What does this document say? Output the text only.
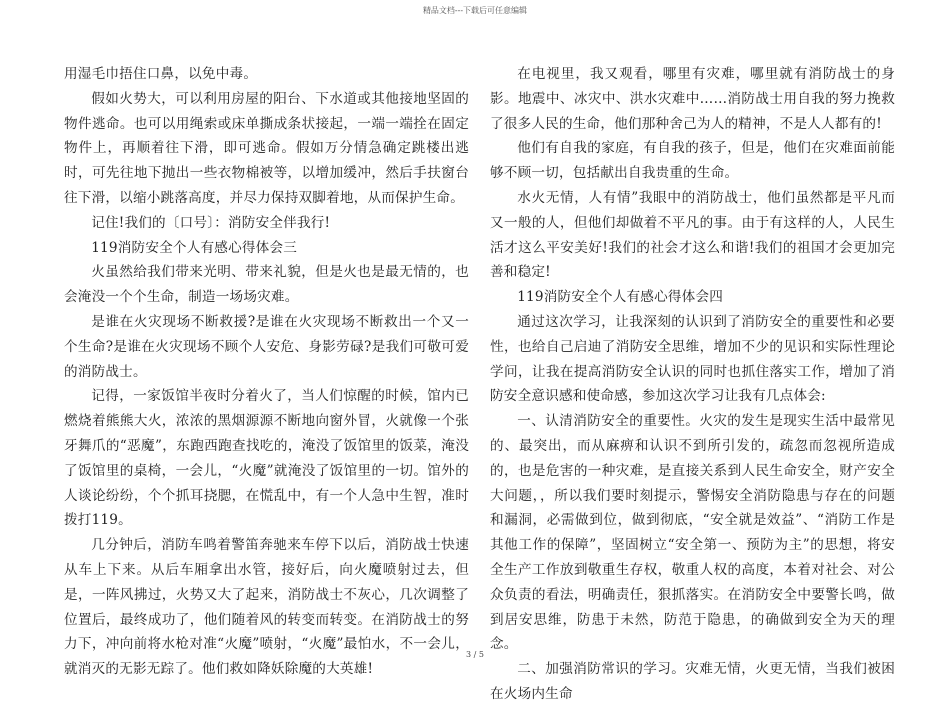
精品文档---下载后可任意编辑

用湿毛巾捂住口鼻，以免中毒。

假如火势大，可以利用房屋的阳台、下水道或其他接地坚固的物件逃命。也可以用绳索或床单撕成条状接起，一端一端拴在固定物件上，再顺着往下滑，即可逃命。假如万分情急确定跳楼出逃时，可先往地下抛出一些衣物棉被等，以增加缓冲，然后手扶窗台往下滑，以缩小跳落高度，并尽力保持双脚着地，从而保护生命。

记住!我们的〔口号〕：消防安全伴我行!

119消防安全个人有感心得体会三

火虽然给我们带来光明、带来礼貌，但是火也是最无情的，也会淹没一个个生命，制造一场场灾难。

是谁在火灾现场不断救援?是谁在火灾现场不断救出一个又一个生命?是谁在火灾现场不顾个人安危、身影劳碌?是我们可敬可爱的消防战士。

记得，一家饭馆半夜时分着火了，当人们惊醒的时候，馆内已燃烧着熊熊大火，浓浓的黑烟源源不断地向窗外冒，火就像一个张牙舞爪的“恶魔”，东跑西跑查找吃的，淹没了饭馆里的饭菜，淹没了饭馆里的桌椅，一会儿，“火魔”就淹没了饭馆里的一切。馆外的人谈论纷纷，个个抓耳挠腮，在慌乱中，有一个人急中生智，准时拨打119。

几分钟后，消防车鸣着警笛奔驰来车停下以后，消防战士快速从车上下来。从后车厢拿出水管，接好后，向火魔喷射过去，但是，一阵风拂过，火势又大了起来，消防战士不灰心，几次调整了位置后，最终成功了，他们随着风的转变而转变。在消防战士的努力下，冲向前将水枪对准“火魔”喷射，“火魔”最怕水，不一会儿，就消灭的无影无踪了。他们救如降妖除魔的大英雄!

在电视里，我又观看，哪里有灾难，哪里就有消防战士的身影。地震中、冰灾中、洪水灾难中……消防战士用自我的努力挽救了很多人民的生命，他们那种舍己为人的精神，不是人人都有的!

他们有自我的家庭，有自我的孩子，但是，他们在灾难面前能够不顾一切，包括献出自我贵重的生命。

水火无情，人有情”我眼中的消防战士，他们虽然都是平凡而又一般的人，但他们却做着不平凡的事。由于有这样的人，人民生活才这么平安美好!我们的社会才这么和谐!我们的祖国才会更加完善和稳定!

119消防安全个人有感心得体会四

通过这次学习，让我深刻的认识到了消防安全的重要性和必要性，也给自己启迪了消防安全思维，增加不少的见识和实际性理论学问，让我在提高消防安全认识的同时也抓住落实工作，增加了消防安全意识感和使命感，参加这次学习让我有几点体会:

一、认清消防安全的重要性。火灾的发生是现实生活中最常见的、最突出，而从麻痹和认识不到所引发的，疏忽而忽视所造成的，也是危害的一种灾难，是直接关系到人民生命安全，财产安全大问题，，所以我们要时刻提示，警惕安全消防隐患与存在的问题和漏洞，必需做到位，做到彻底，“安全就是效益”、“消防工作是其他工作的保障”，坚固树立“安全第一、预防为主”的思想，将安全生产工作放到敬重生存权，敬重人权的高度，本着对社会、对公众负责的看法，明确责任，狠抓落实。在消防安全中要警长鸣，做到居安思维，防患于未然，防范于隐患，的确做到安全为天的理念。

二、加强消防常识的学习。灾难无情，火更无情，当我们被困在火场内生命

3 / 5
